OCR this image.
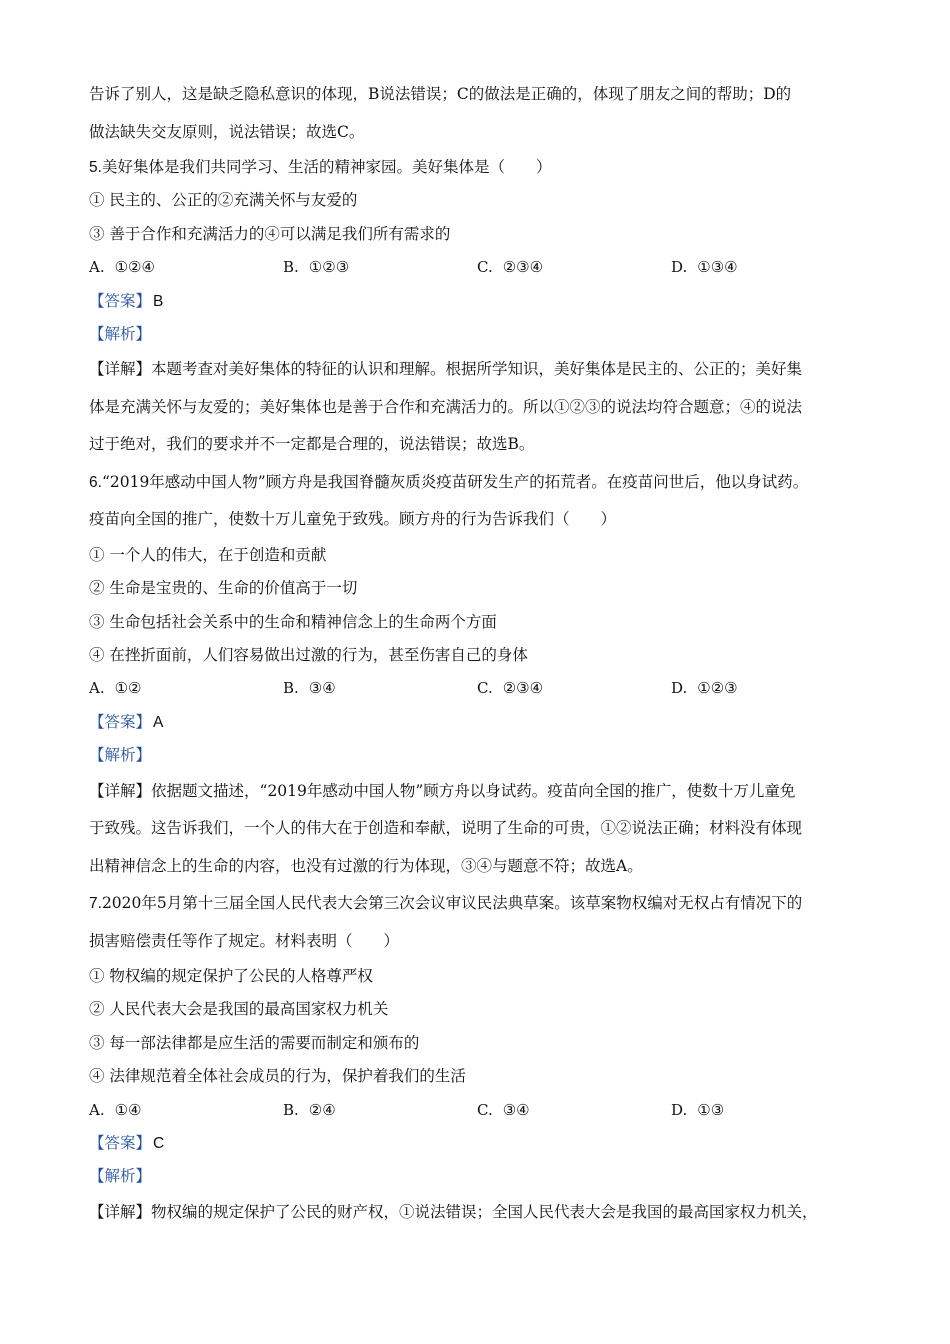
告诉了别人，这是缺乏隐私意识的体现，B说法错误；C的做法是正确的，体现了朋友之间的帮助；D的
做法缺失交友原则，说法错误；故选C。
5.美好集体是我们共同学习、生活的精神家园。美好集体是（　　）
① 民主的、公正的②充满关怀与友爱的
③ 善于合作和充满活力的④可以满足我们所有需求的
A. ①②④	B. ①②③	C. ②③④	D. ①③④
【答案】 B
【解析】
【详解】本题考查对美好集体的特征的认识和理解。根据所学知识，美好集体是民主的、公正的；美好集
体是充满关怀与友爱的；美好集体也是善于合作和充满活力的。所以①②③的说法均符合题意；④的说法
过于绝对，我们的要求并不一定都是合理的，说法错误；故选B。
6.“2019年感动中国人物”顾方舟是我国脊髓灰质炎疫苗研发生产的拓荒者。在疫苗问世后，他以身试药。
疫苗向全国的推广，使数十万儿童免于致残。顾方舟的行为告诉我们（　　）
① 一个人的伟大，在于创造和贡献
② 生命是宝贵的、生命的价值高于一切
③ 生命包括社会关系中的生命和精神信念上的生命两个方面
④ 在挫折面前，人们容易做出过激的行为，甚至伤害自己的身体
A. ①②	B. ③④	C. ②③④	D. ①②③
【答案】 A
【解析】
【详解】依据题文描述，“2019年感动中国人物”顾方舟以身试药。疫苗向全国的推广，使数十万儿童免
于致残。这告诉我们，一个人的伟大在于创造和奉献，说明了生命的可贵，①②说法正确；材料没有体现
出精神信念上的生命的内容，也没有过激的行为体现，③④与题意不符；故选A。
7.2020年5月第十三届全国人民代表大会第三次会议审议民法典草案。该草案物权编对无权占有情况下的
损害赔偿责任等作了规定。材料表明（　　）
① 物权编的规定保护了公民的人格尊严权
② 人民代表大会是我国的最高国家权力机关
③ 每一部法律都是应生活的需要而制定和颁布的
④ 法律规范着全体社会成员的行为，保护着我们的生活
A. ①④	B. ②④	C. ③④	D. ①③
【答案】 C
【解析】
【详解】物权编的规定保护了公民的财产权，①说法错误；全国人民代表大会是我国的最高国家权力机关，
